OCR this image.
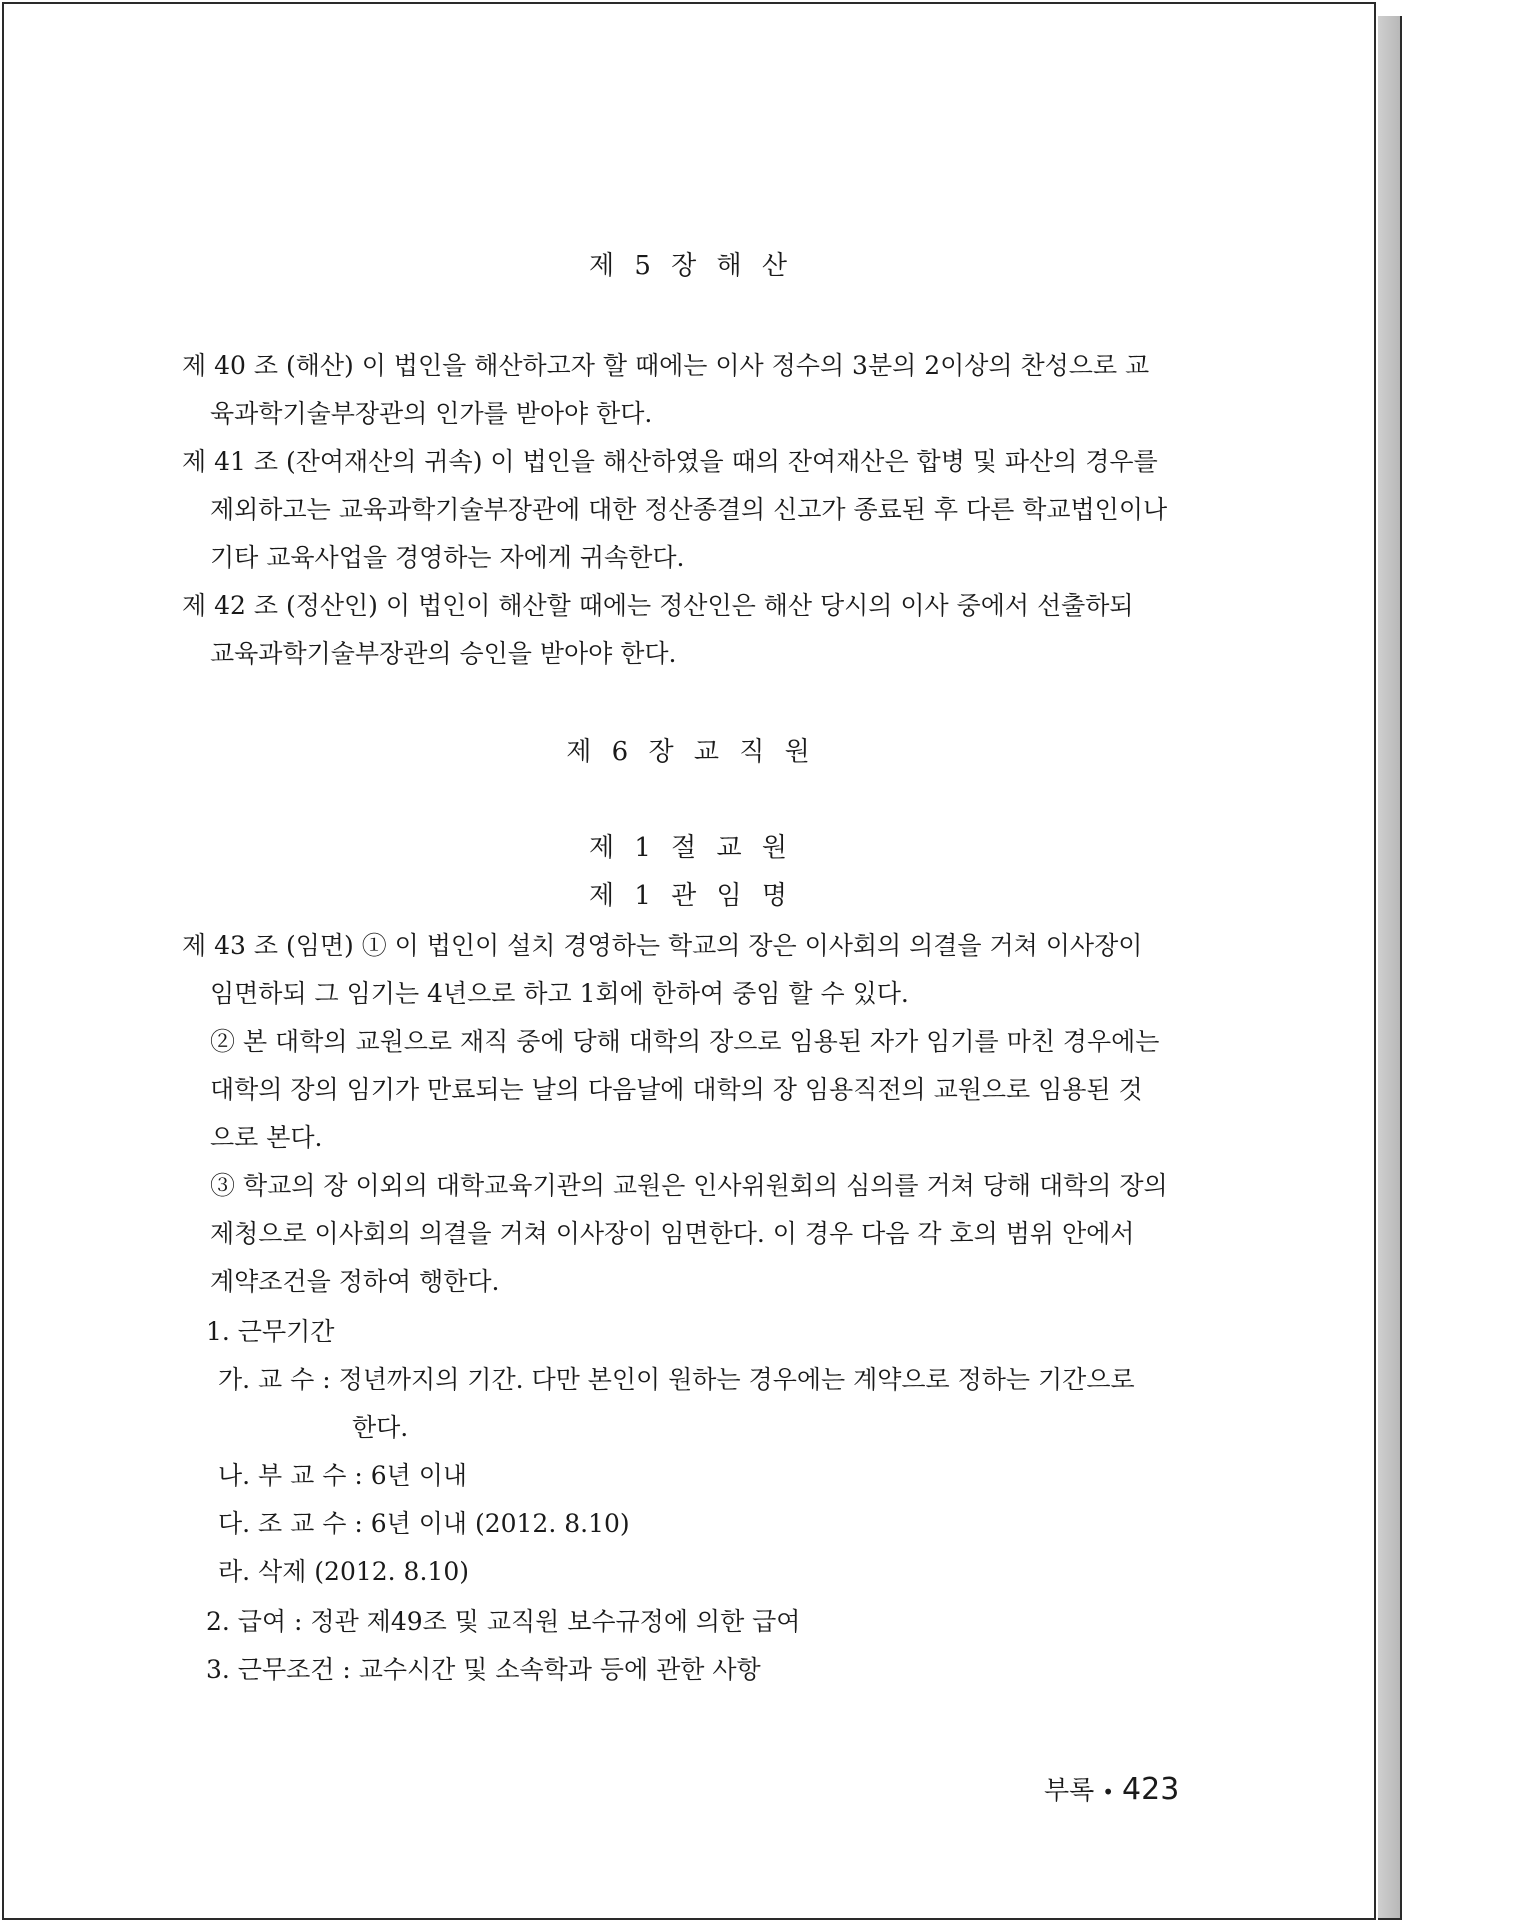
제 5 장 해 산
제 40 조 (해산) 이 법인을 해산하고자 할 때에는 이사 정수의 3분의 2이상의 찬성으로 교
육과학기술부장관의 인가를 받아야 한다.
제 41 조 (잔여재산의 귀속) 이 법인을 해산하였을 때의 잔여재산은 합병 및 파산의 경우를
제외하고는 교육과학기술부장관에 대한 정산종결의 신고가 종료된 후 다른 학교법인이나
기타 교육사업을 경영하는 자에게 귀속한다.
제 42 조 (정산인) 이 법인이 해산할 때에는 정산인은 해산 당시의 이사 중에서 선출하되
교육과학기술부장관의 승인을 받아야 한다.
제 6 장 교 직 원
제 1 절 교 원
제 1 관 임 명
제 43 조 (임면) ① 이 법인이 설치 경영하는 학교의 장은 이사회의 의결을 거쳐 이사장이
임면하되 그 임기는 4년으로 하고 1회에 한하여 중임 할 수 있다.
② 본 대학의 교원으로 재직 중에 당해 대학의 장으로 임용된 자가 임기를 마친 경우에는
대학의 장의 임기가 만료되는 날의 다음날에 대학의 장 임용직전의 교원으로 임용된 것
으로 본다.
③ 학교의 장 이외의 대학교육기관의 교원은 인사위원회의 심의를 거쳐 당해 대학의 장의
제청으로 이사회의 의결을 거쳐 이사장이 임면한다. 이 경우 다음 각 호의 범위 안에서
계약조건을 정하여 행한다.
1. 근무기간
가. 교 수 : 정년까지의 기간. 다만 본인이 원하는 경우에는 계약으로 정하는 기간으로
한다.
나. 부 교 수 : 6년 이내
다. 조 교 수 : 6년 이내 (2012. 8.10)
라. 삭제 (2012. 8.10)
2. 급여 : 정관 제49조 및 교직원 보수규정에 의한 급여
3. 근무조건 : 교수시간 및 소속학과 등에 관한 사항
부록 • 423
